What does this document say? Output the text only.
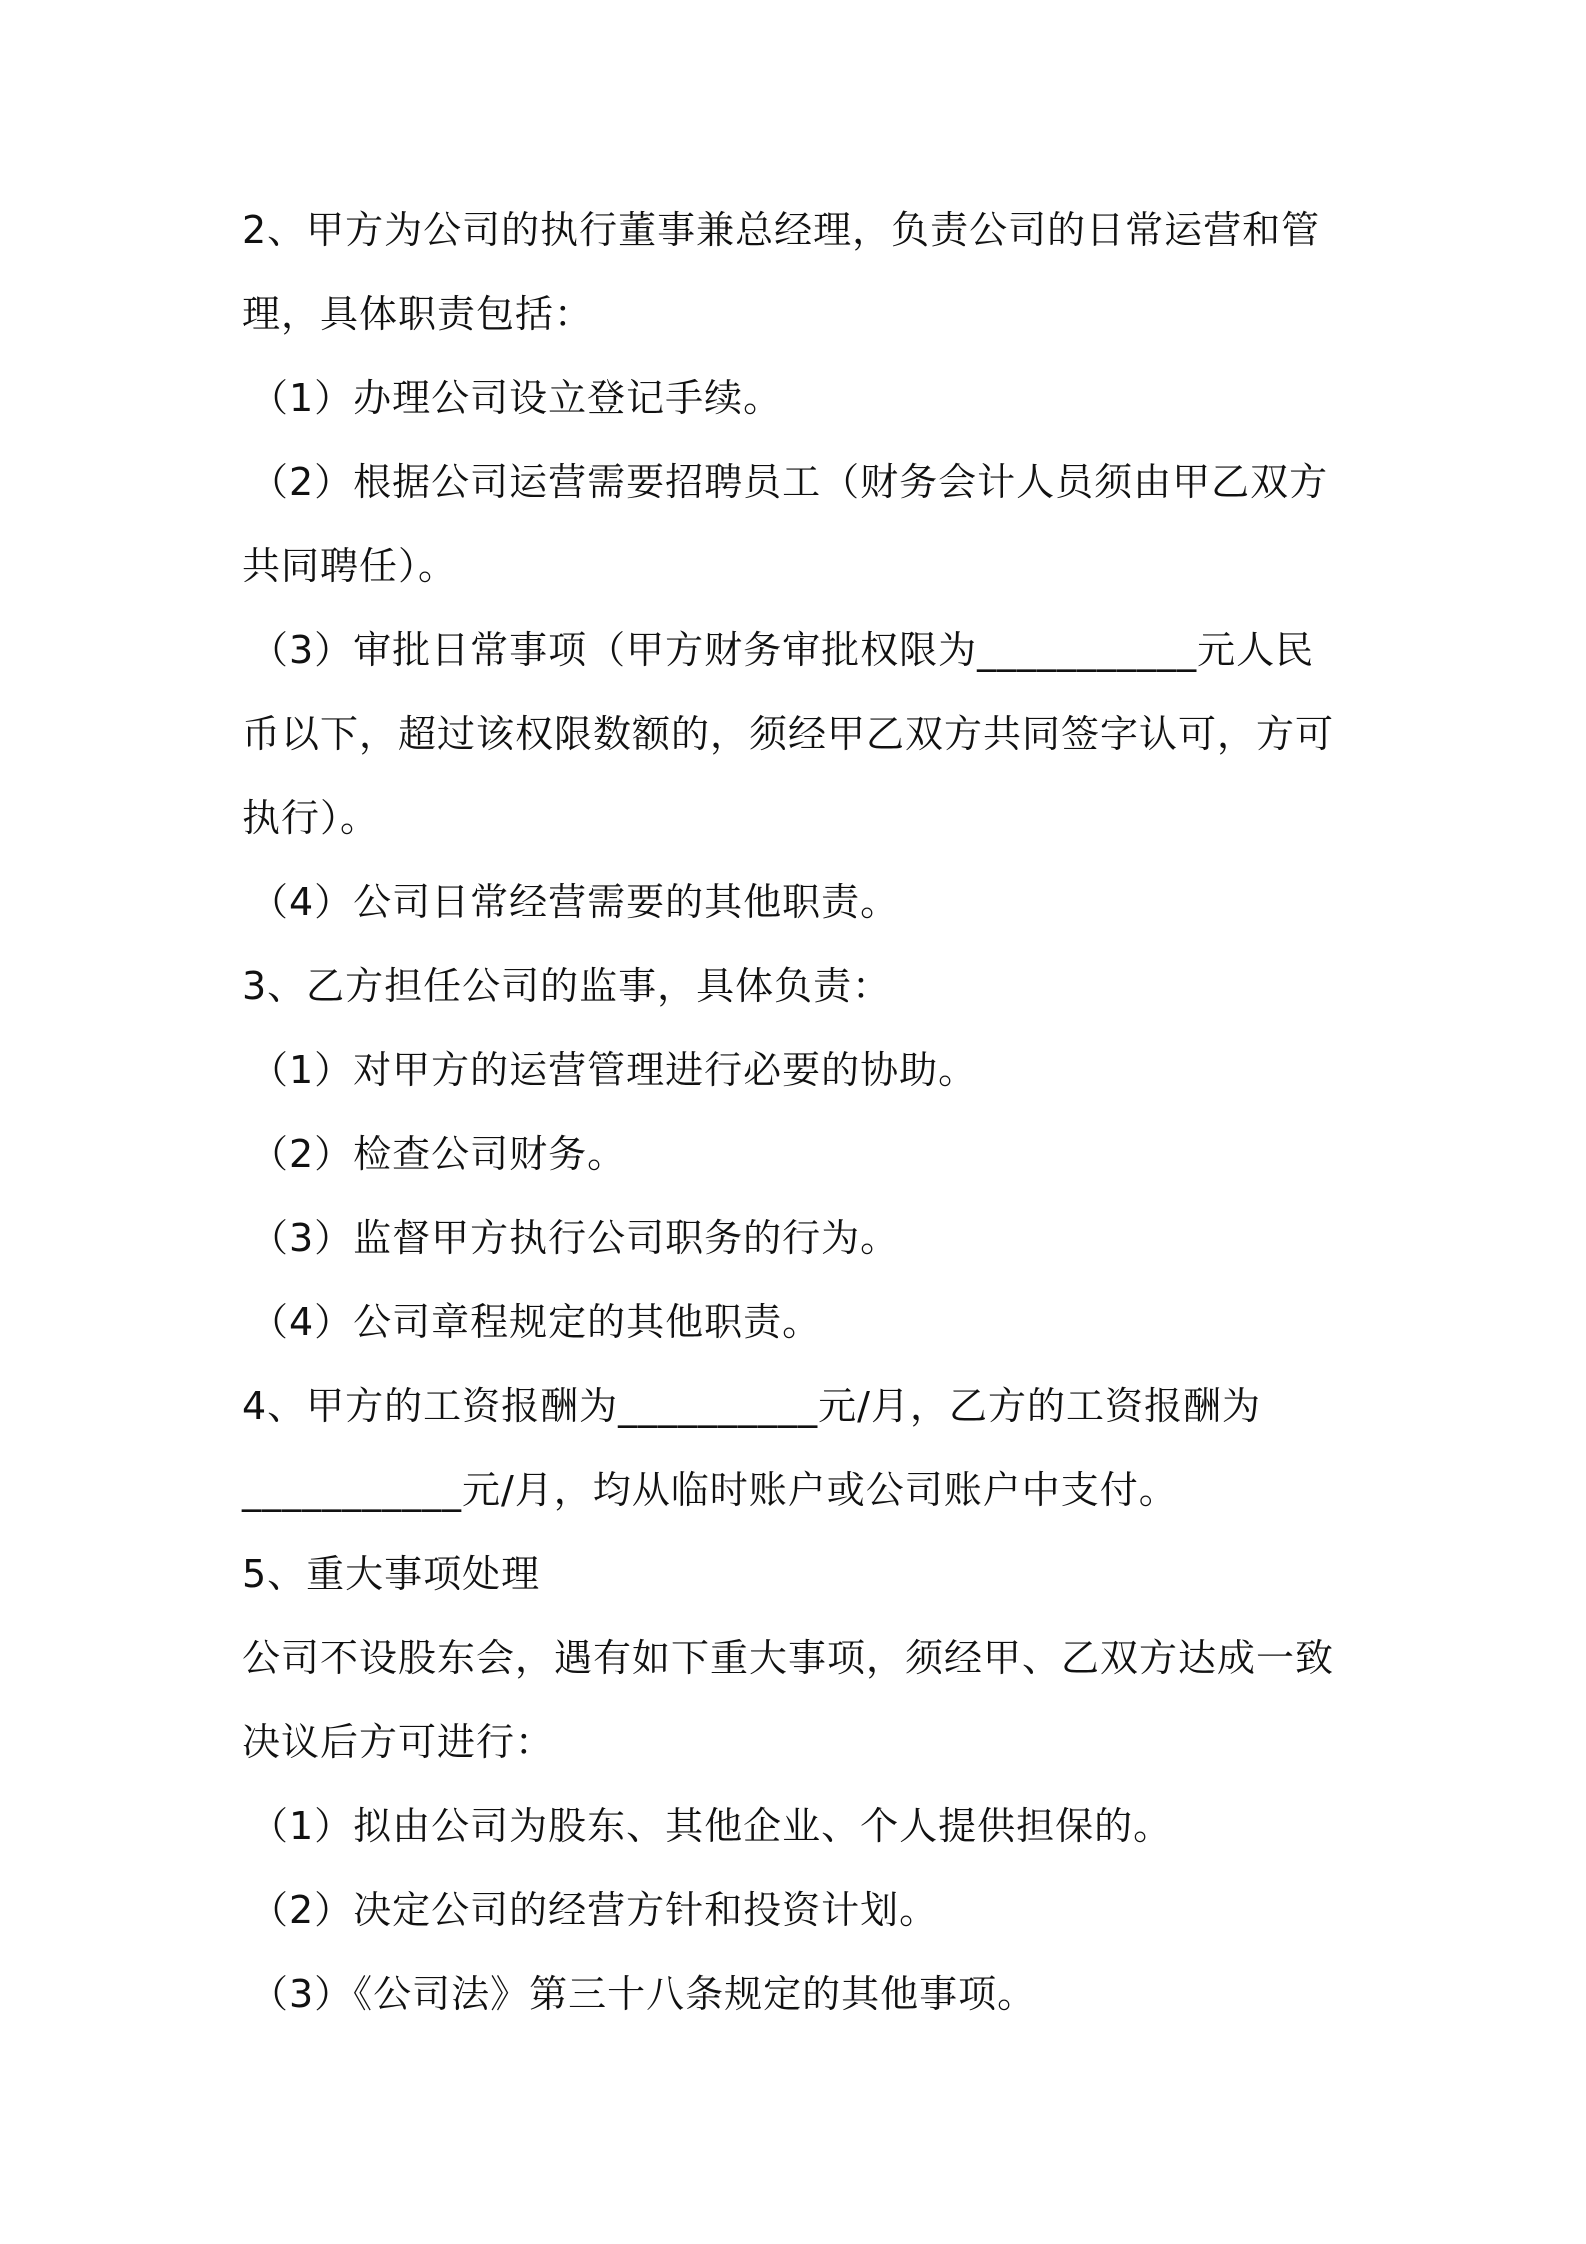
2、甲方为公司的执行董事兼总经理，负责公司的日常运营和管
理，具体职责包括：
（1）办理公司设立登记手续。
（2）根据公司运营需要招聘员工（财务会计人员须由甲乙双方
共同聘任）。
（3）审批日常事项（甲方财务审批权限为___________元人民
币以下，超过该权限数额的，须经甲乙双方共同签字认可，方可
执行）。
（4）公司日常经营需要的其他职责。
3、乙方担任公司的监事，具体负责：
（1）对甲方的运营管理进行必要的协助。
（2）检查公司财务。
（3）监督甲方执行公司职务的行为。
（4）公司章程规定的其他职责。
4、甲方的工资报酬为__________元/月，乙方的工资报酬为
___________元/月，均从临时账户或公司账户中支付。
5、重大事项处理
公司不设股东会，遇有如下重大事项，须经甲、乙双方达成一致
决议后方可进行：
（1）拟由公司为股东、其他企业、个人提供担保的。
（2）决定公司的经营方针和投资计划。
（3）《公司法》第三十八条规定的其他事项。
